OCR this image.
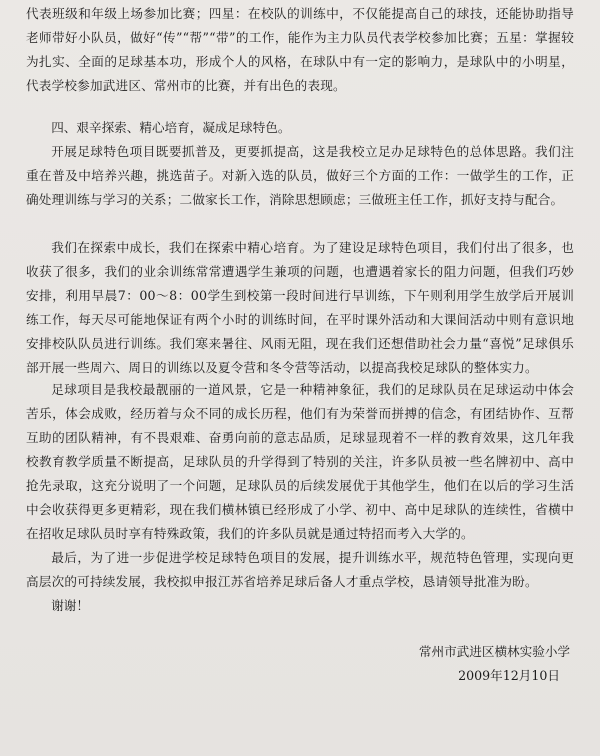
代表班级和年级上场参加比赛；四星：在校队的训练中，不仅能提高自己的球技，还能协助指导老师带好小队员，做好“传”“帮”“带”的工作，能作为主力队员代表学校参加比赛；五星：掌握较为扎实、全面的足球基本功，形成个人的风格，在球队中有一定的影响力，是球队中的小明星，代表学校参加武进区、常州市的比赛，并有出色的表现。

四、艰辛探索、精心培育，凝成足球特色。

开展足球特色项目既要抓普及，更要抓提高，这是我校立足办足球特色的总体思路。我们注重在普及中培养兴趣，挑选苗子。对新入选的队员，做好三个方面的工作：一做学生的工作，正确处理训练与学习的关系；二做家长工作，消除思想顾虑；三做班主任工作，抓好支持与配合。

我们在探索中成长，我们在探索中精心培育。为了建设足球特色项目，我们付出了很多，也收获了很多，我们的业余训练常常遭遇学生兼项的问题，也遭遇着家长的阻力问题，但我们巧妙安排，利用早晨7：00～8：00学生到校第一段时间进行早训练，下午则利用学生放学后开展训练工作，每天尽可能地保证有两个小时的训练时间，在平时课外活动和大课间活动中则有意识地安排校队队员进行训练。我们寒来暑往、风雨无阻，现在我们还想借助社会力量“喜悦”足球俱乐部开展一些周六、周日的训练以及夏令营和冬令营等活动，以提高我校足球队的整体实力。

足球项目是我校最靓丽的一道风景，它是一种精神象征，我们的足球队员在足球运动中体会苦乐，体会成败，经历着与众不同的成长历程，他们有为荣誉而拼搏的信念，有团结协作、互帮互助的团队精神，有不畏艰难、奋勇向前的意志品质，足球显现着不一样的教育效果，这几年我校教育教学质量不断提高，足球队员的升学得到了特别的关注，许多队员被一些名牌初中、高中抢先录取，这充分说明了一个问题，足球队员的后续发展优于其他学生，他们在以后的学习生活中会收获得更多更精彩，现在我们横林镇已经形成了小学、初中、高中足球队的连续性，省横中在招收足球队员时享有特殊政策，我们的许多队员就是通过特招而考入大学的。

最后，为了进一步促进学校足球特色项目的发展，提升训练水平，规范特色管理，实现向更高层次的可持续发展，我校拟申报江苏省培养足球后备人才重点学校，恳请领导批准为盼。

谢谢！

常州市武进区横林实验小学
2009年12月10日
